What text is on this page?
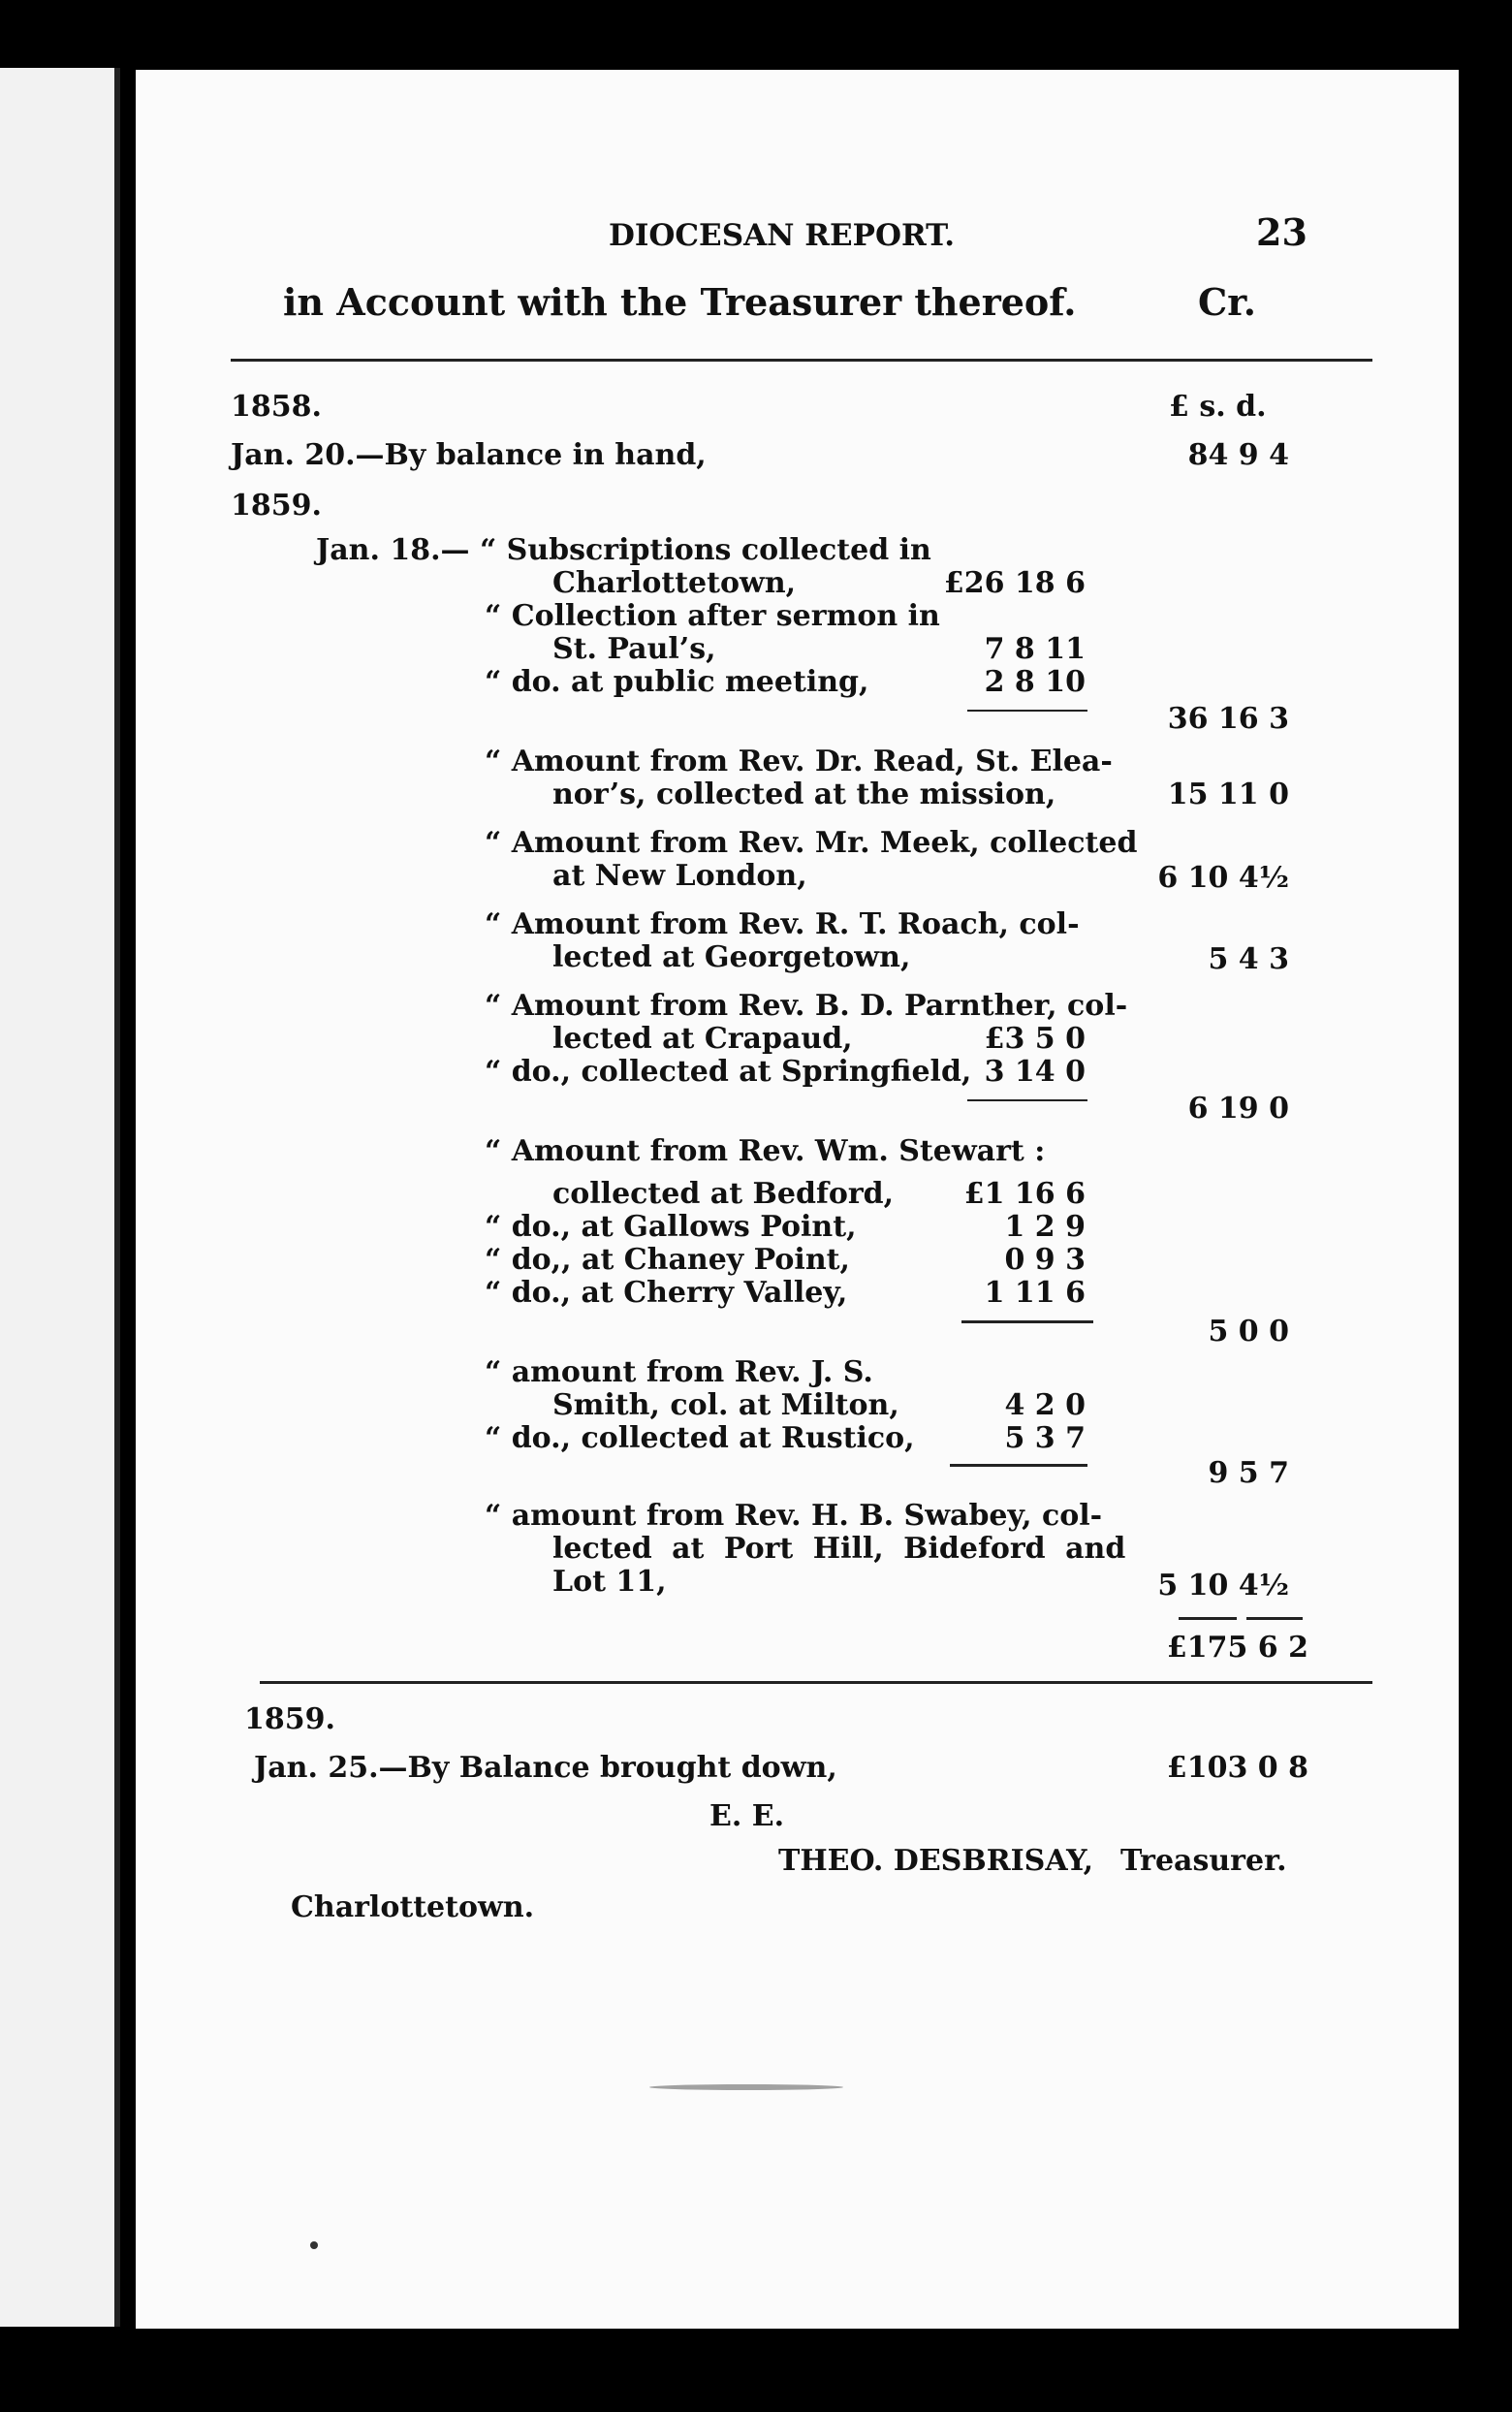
DIOCESAN REPORT.	23
in Account with the Treasurer thereof.	Cr.
1858.	£ s. d.
Jan. 20.—By balance in hand,	84 9 4
1859.
Jan. 18.— “ Subscriptions collected in
Charlottetown,	£26 18 6
“ Collection after sermon in
St. Paul’s,	7 8 11
“ do. at public meeting,	2 8 10
36 16 3
“ Amount from Rev. Dr. Read, St. Elea-
nor’s, collected at the mission,	15 11 0
“ Amount from Rev. Mr. Meek, collected
at New London,	6 10 4½
“ Amount from Rev. R. T. Roach, col-
lected at Georgetown,	5 4 3
“ Amount from Rev. B. D. Parnther, col-
lected at Crapaud,	£3 5 0
“ do., collected at Springfield, 3 14 0
6 19 0
“ Amount from Rev. Wm. Stewart :
collected at Bedford,	£1 16 6
“ do., at Gallows Point,	1 2 9
“ do,, at Chaney Point,	0 9 3
“ do., at Cherry Valley,	1 11 6
5 0 0
“ amount from Rev. J. S.
Smith, col. at Milton,	4 2 0
“ do., collected at Rustico,	5 3 7
9 5 7
“ amount from Rev. H. B. Swabey, col-
lected at Port Hill, Bideford and
Lot 11,	5 10 4½
£175 6 2
1859.
Jan. 25.—By Balance brought down,	£103 0 8
E. E.
THEO. DESBRISAY, Treasurer.
Charlottetown.
